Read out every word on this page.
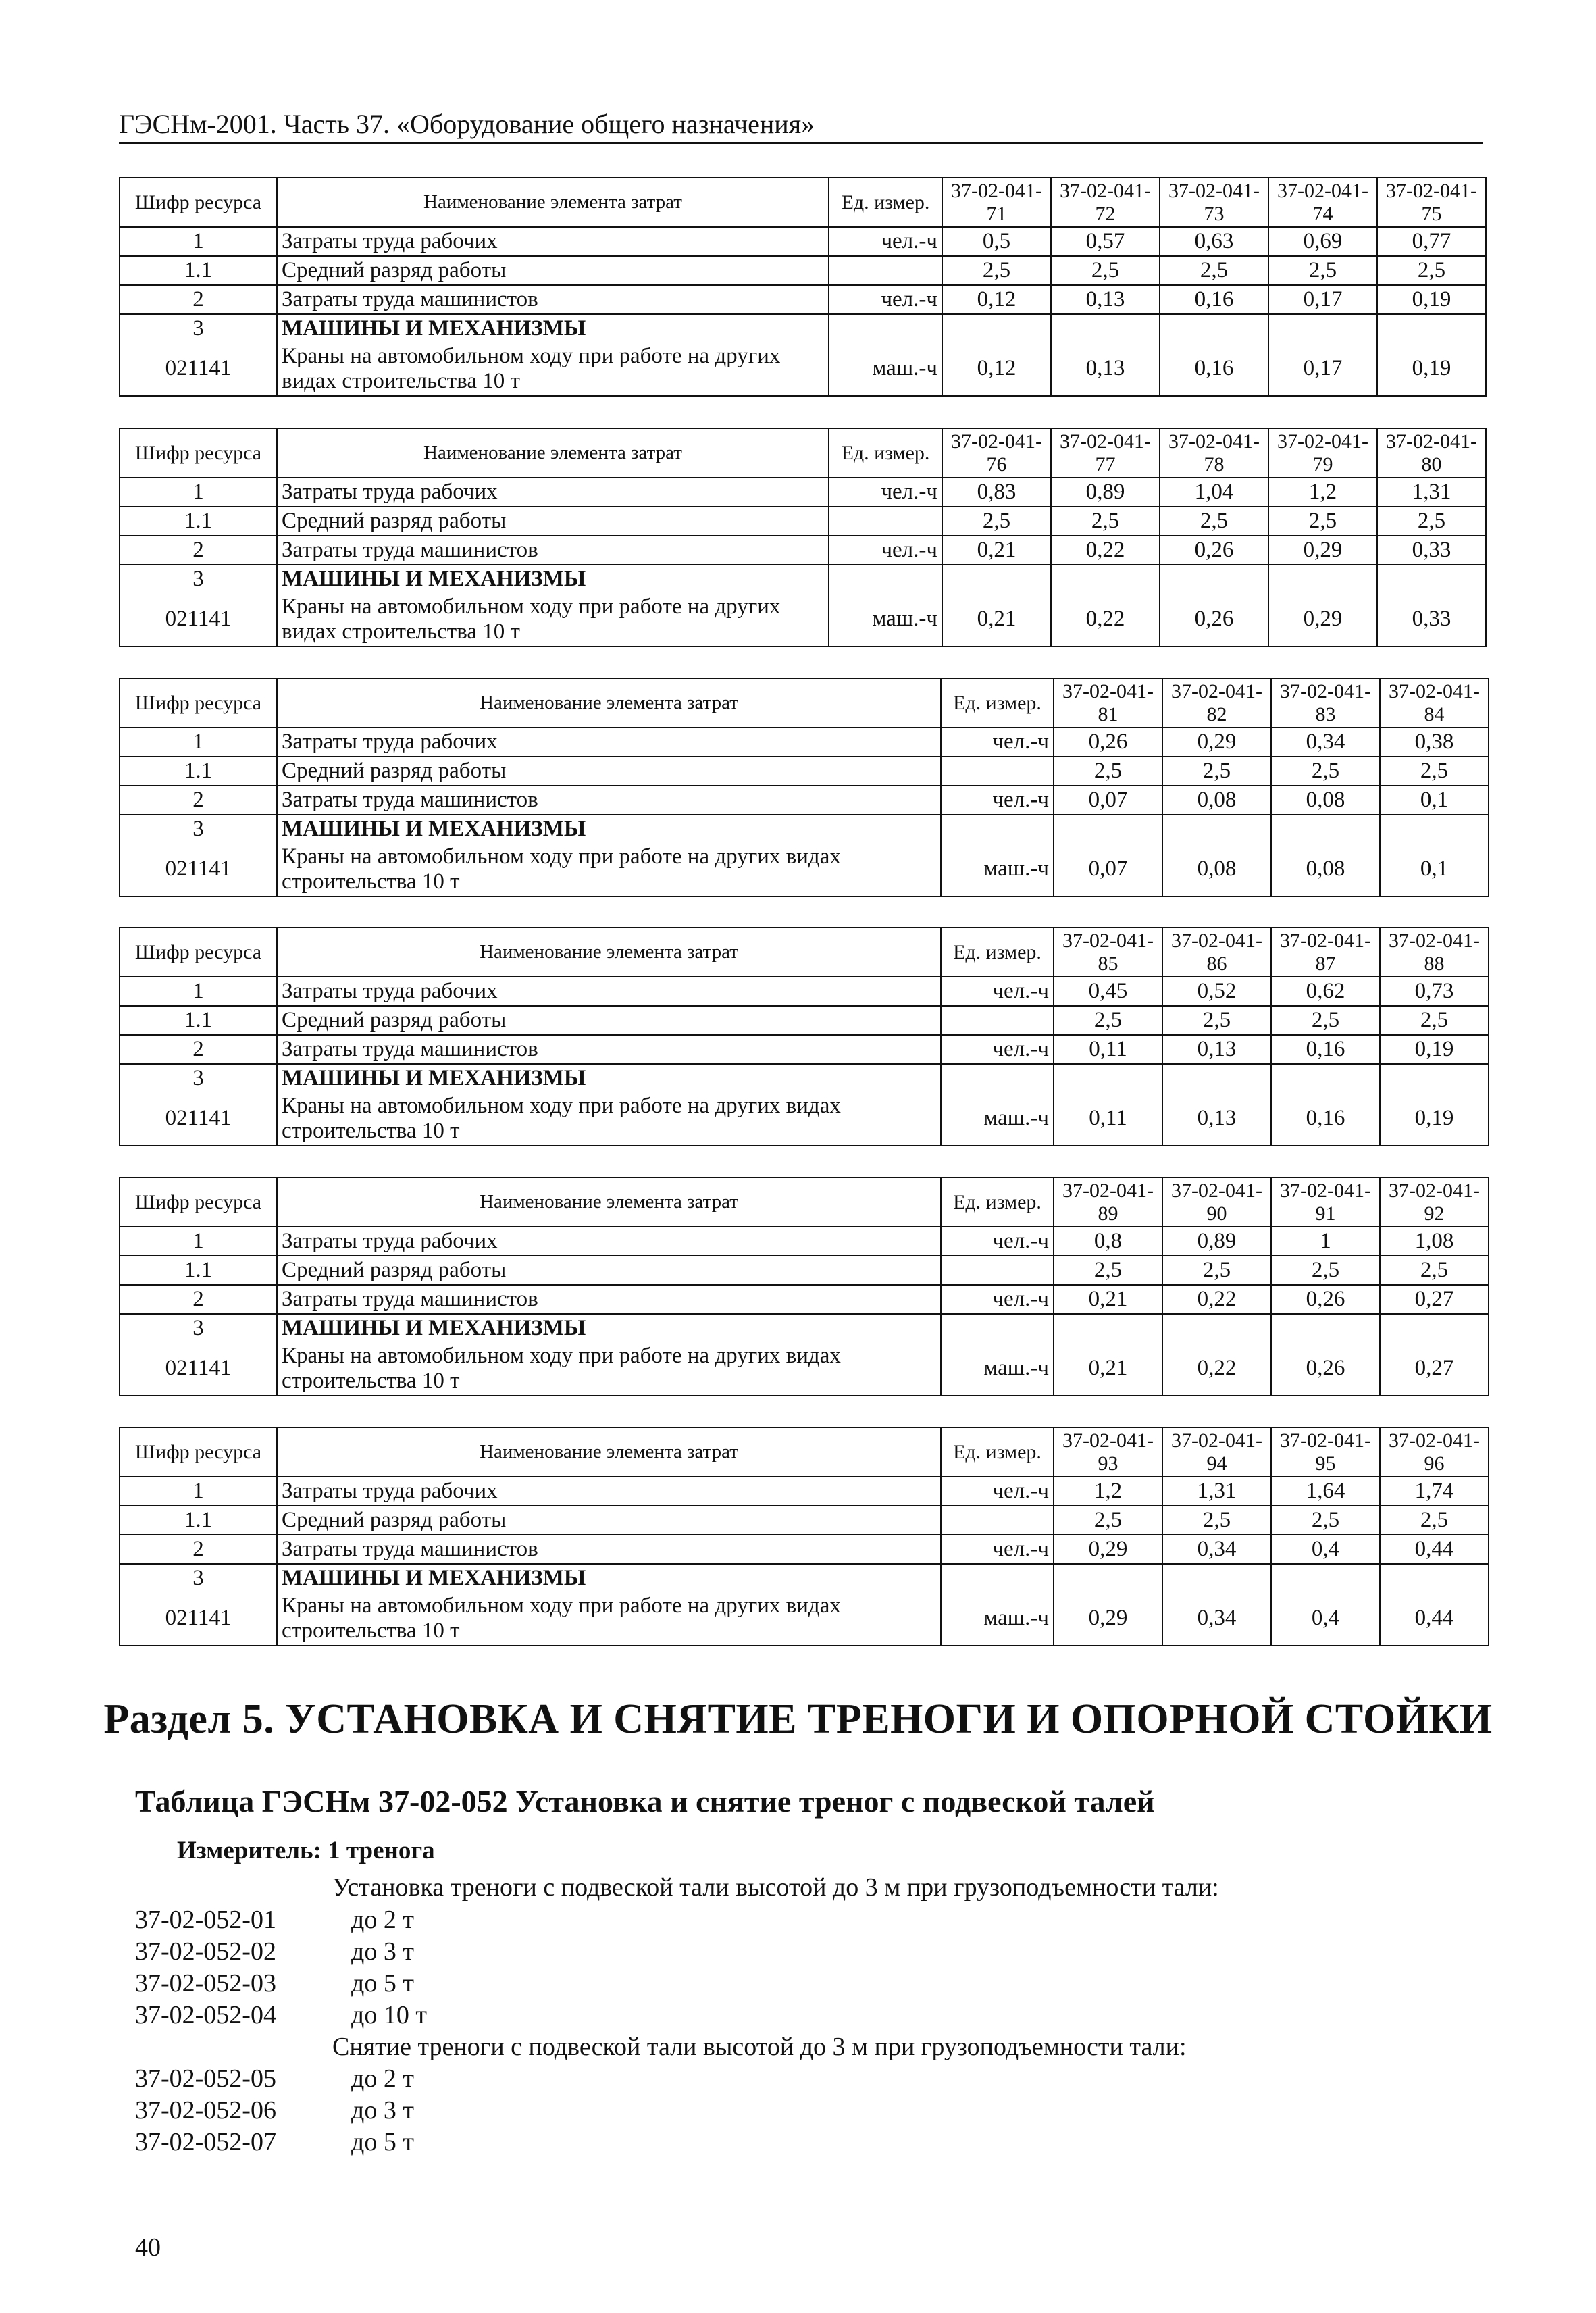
ГЭСНм-2001. Часть 37. «Оборудование общего назначения»
Шифр ресурса	Наименование элемента затрат	Ед. измер.	37-02-041-71	37-02-041-72	37-02-041-73	37-02-041-74	37-02-041-75
1	Затраты труда рабочих	чел.-ч	0,5	0,57	0,63	0,69	0,77
1.1	Средний разряд работы		2,5	2,5	2,5	2,5	2,5
2	Затраты труда машинистов	чел.-ч	0,12	0,13	0,16	0,17	0,19
3	МАШИНЫ И МЕХАНИЗМЫ						
021141	Краны на автомобильном ходу при работе на других видах строительства 10 т	маш.-ч	0,12	0,13	0,16	0,17	0,19
Шифр ресурса	Наименование элемента затрат	Ед. измер.	37-02-041-76	37-02-041-77	37-02-041-78	37-02-041-79	37-02-041-80
1	Затраты труда рабочих	чел.-ч	0,83	0,89	1,04	1,2	1,31
1.1	Средний разряд работы		2,5	2,5	2,5	2,5	2,5
2	Затраты труда машинистов	чел.-ч	0,21	0,22	0,26	0,29	0,33
3	МАШИНЫ И МЕХАНИЗМЫ						
021141	Краны на автомобильном ходу при работе на других видах строительства 10 т	маш.-ч	0,21	0,22	0,26	0,29	0,33
Шифр ресурса	Наименование элемента затрат	Ед. измер.	37-02-041-81	37-02-041-82	37-02-041-83	37-02-041-84
1	Затраты труда рабочих	чел.-ч	0,26	0,29	0,34	0,38
1.1	Средний разряд работы		2,5	2,5	2,5	2,5
2	Затраты труда машинистов	чел.-ч	0,07	0,08	0,08	0,1
3	МАШИНЫ И МЕХАНИЗМЫ					
021141	Краны на автомобильном ходу при работе на других видах строительства 10 т	маш.-ч	0,07	0,08	0,08	0,1
Шифр ресурса	Наименование элемента затрат	Ед. измер.	37-02-041-85	37-02-041-86	37-02-041-87	37-02-041-88
1	Затраты труда рабочих	чел.-ч	0,45	0,52	0,62	0,73
1.1	Средний разряд работы		2,5	2,5	2,5	2,5
2	Затраты труда машинистов	чел.-ч	0,11	0,13	0,16	0,19
3	МАШИНЫ И МЕХАНИЗМЫ					
021141	Краны на автомобильном ходу при работе на других видах строительства 10 т	маш.-ч	0,11	0,13	0,16	0,19
Шифр ресурса	Наименование элемента затрат	Ед. измер.	37-02-041-89	37-02-041-90	37-02-041-91	37-02-041-92
1	Затраты труда рабочих	чел.-ч	0,8	0,89	1	1,08
1.1	Средний разряд работы		2,5	2,5	2,5	2,5
2	Затраты труда машинистов	чел.-ч	0,21	0,22	0,26	0,27
3	МАШИНЫ И МЕХАНИЗМЫ					
021141	Краны на автомобильном ходу при работе на других видах строительства 10 т	маш.-ч	0,21	0,22	0,26	0,27
Шифр ресурса	Наименование элемента затрат	Ед. измер.	37-02-041-93	37-02-041-94	37-02-041-95	37-02-041-96
1	Затраты труда рабочих	чел.-ч	1,2	1,31	1,64	1,74
1.1	Средний разряд работы		2,5	2,5	2,5	2,5
2	Затраты труда машинистов	чел.-ч	0,29	0,34	0,4	0,44
3	МАШИНЫ И МЕХАНИЗМЫ					
021141	Краны на автомобильном ходу при работе на других видах строительства 10 т	маш.-ч	0,29	0,34	0,4	0,44
Раздел 5. УСТАНОВКА И СНЯТИЕ ТРЕНОГИ И ОПОРНОЙ СТОЙКИ
Таблица ГЭСНм 37-02-052 Установка и снятие треног с подвеской талей
Измеритель: 1 тренога
Установка треноги с подвеской тали высотой до 3 м при грузоподъемности тали:
37-02-052-01	до 2 т
37-02-052-02	до 3 т
37-02-052-03	до 5 т
37-02-052-04	до 10 т
Снятие треноги с подвеской тали высотой до 3 м при грузоподъемности тали:
37-02-052-05	до 2 т
37-02-052-06	до 3 т
37-02-052-07	до 5 т
40
